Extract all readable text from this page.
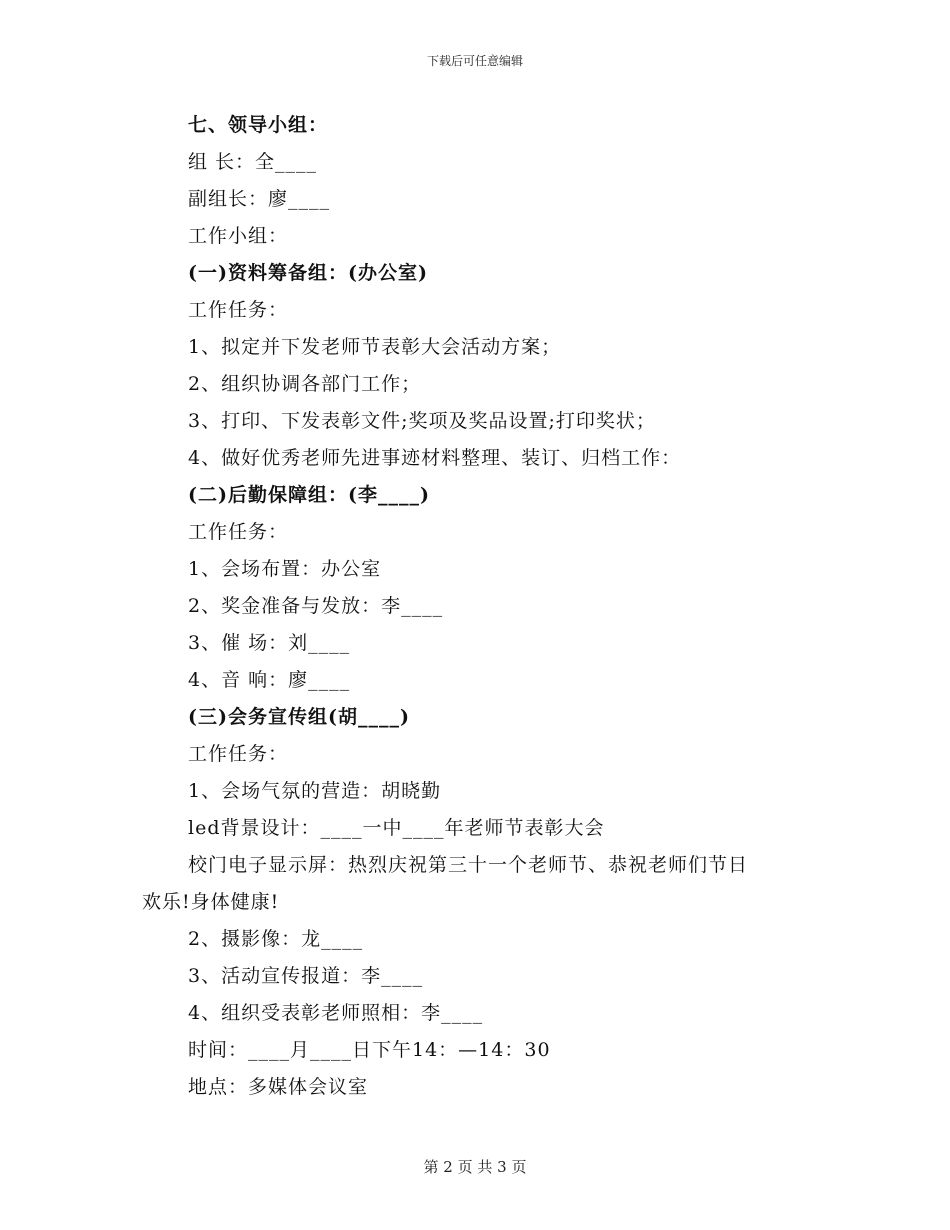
下载后可任意编辑
七、领导小组：
组 长：全____
副组长：廖____
工作小组：
(一)资料筹备组：(办公室)
工作任务：
1、拟定并下发老师节表彰大会活动方案；
2、组织协调各部门工作；
3、打印、下发表彰文件;奖项及奖品设置;打印奖状；
4、做好优秀老师先进事迹材料整理、装订、归档工作：
(二)后勤保障组：(李____)
工作任务：
1、会场布置：办公室
2、奖金准备与发放：李____
3、催 场：刘____
4、音 响：廖____
(三)会务宣传组(胡____)
工作任务：
1、会场气氛的营造：胡晓勤
led背景设计：____一中____年老师节表彰大会
校门电子显示屏：热烈庆祝第三十一个老师节、恭祝老师们节日
欢乐!身体健康!
2、摄影像：龙____
3、活动宣传报道：李____
4、组织受表彰老师照相：李____
时间：____月____日下午14：—14：30
地点：多媒体会议室
第 2 页 共 3 页
